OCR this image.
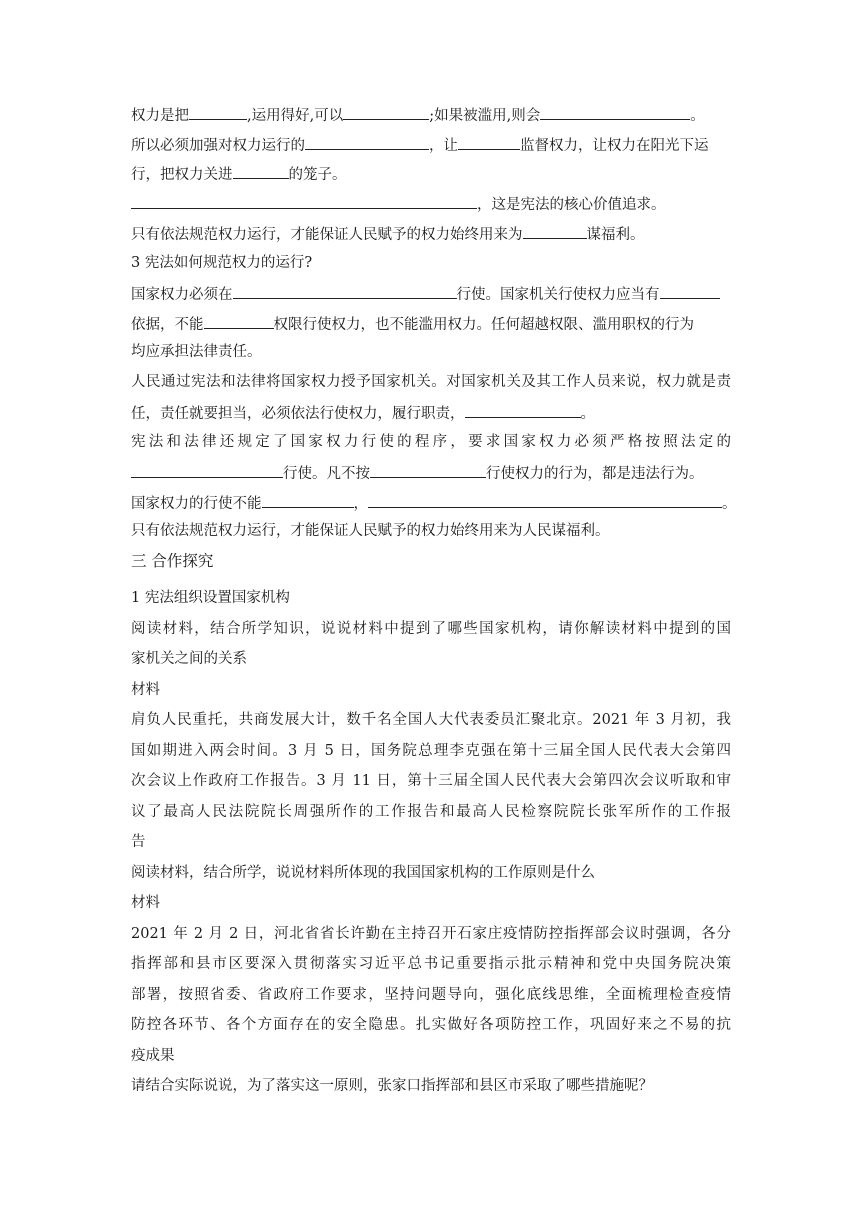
权力是把	,运用得好,可以	;如果被滥用,则会	。
所以必须加强对权力运行的	，让	监督权力，让权力在阳光下运
行，把权力关进	的笼子。
，这是宪法的核心价值追求。
只有依法规范权力运行，才能保证人民赋予的权力始终用来为	谋福利。
3 宪法如何规范权力的运行?
国家权力必须在	行使。国家机关行使权力应当有
依据，不能	权限行使权力，也不能滥用权力。任何超越权限、滥用职权的行为
均应承担法律责任。
人民通过宪法和法律将国家权力授予国家机关。对国家机关及其工作人员来说，权力就是责
任，责任就要担当，必须依法行使权力，履行职责，	。
宪法和法律还规定了国家权力行使的程序，要求国家权力必须严格按照法定的
行使。凡不按	行使权力的行为，都是违法行为。
国家权力的行使不能	，	。
只有依法规范权力运行，才能保证人民赋予的权力始终用来为人民谋福利。
三 合作探究
1 宪法组织设置国家机构
阅读材料，结合所学知识，说说材料中提到了哪些国家机构，请你解读材料中提到的国
家机关之间的关系
材料
肩负人民重托，共商发展大计，数千名全国人大代表委员汇聚北京。2021 年 3 月初，我
国如期进入两会时间。3 月 5 日，国务院总理李克强在第十三届全国人民代表大会第四
次会议上作政府工作报告。3 月 11 日，第十三届全国人民代表大会第四次会议听取和审
议了最高人民法院院长周强所作的工作报告和最高人民检察院院长张军所作的工作报
告
阅读材料，结合所学，说说材料所体现的我国国家机构的工作原则是什么
材料
2021 年 2 月 2 日，河北省省长许勤在主持召开石家庄疫情防控指挥部会议时强调，各分
指挥部和县市区要深入贯彻落实习近平总书记重要指示批示精神和党中央国务院决策
部署，按照省委、省政府工作要求，坚持问题导向，强化底线思维，全面梳理检查疫情
防控各环节、各个方面存在的安全隐患。扎实做好各项防控工作，巩固好来之不易的抗
疫成果
请结合实际说说，为了落实这一原则，张家口指挥部和县区市采取了哪些措施呢？
